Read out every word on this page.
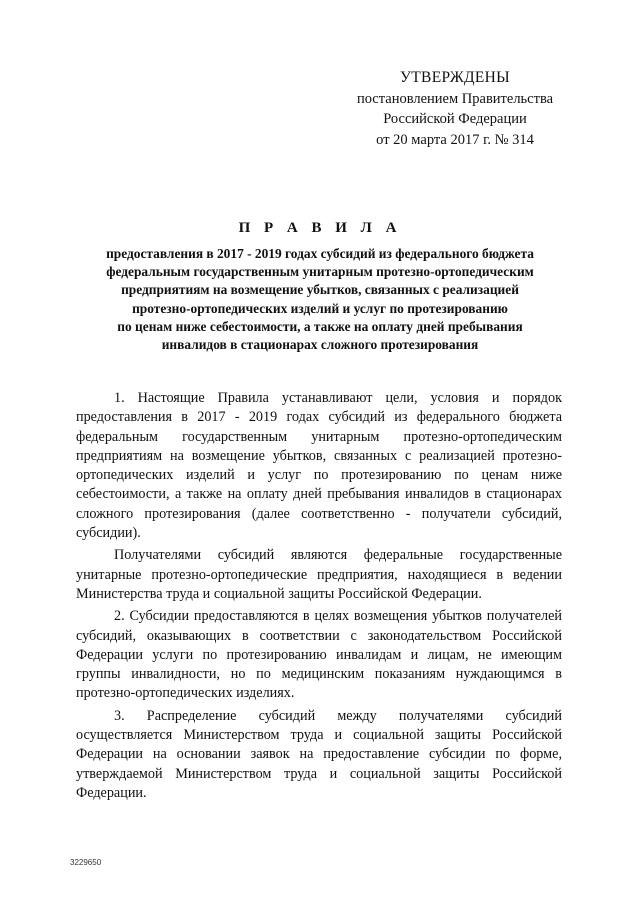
УТВЕРЖДЕНЫ
постановлением Правительства
Российской Федерации
от 20 марта 2017 г. № 314
П Р А В И Л А
предоставления в 2017 - 2019 годах субсидий из федерального бюджета
федеральным государственным унитарным протезно-ортопедическим
предприятиям на возмещение убытков, связанных с реализацией
протезно-ортопедических изделий и услуг по протезированию
по ценам ниже себестоимости, а также на оплату дней пребывания
инвалидов в стационарах сложного протезирования

1. Настоящие Правила устанавливают цели, условия и порядок предоставления в 2017 - 2019 годах субсидий из федерального бюджета федеральным государственным унитарным протезно-ортопедическим предприятиям на возмещение убытков, связанных с реализацией протезно-ортопедических изделий и услуг по протезированию по ценам ниже себестоимости, а также на оплату дней пребывания инвалидов в стационарах сложного протезирования (далее соответственно - получатели субсидий, субсидии).

Получателями субсидий являются федеральные государственные унитарные протезно-ортопедические предприятия, находящиеся в ведении Министерства труда и социальной защиты Российской Федерации.

2. Субсидии предоставляются в целях возмещения убытков получателей субсидий, оказывающих в соответствии с законодательством Российской Федерации услуги по протезированию инвалидам и лицам, не имеющим группы инвалидности, но по медицинским показаниям нуждающимся в протезно-ортопедических изделиях.

3. Распределение субсидий между получателями субсидий осуществляется Министерством труда и социальной защиты Российской Федерации на основании заявок на предоставление субсидии по форме, утверждаемой Министерством труда и социальной защиты Российской Федерации.

3229650
